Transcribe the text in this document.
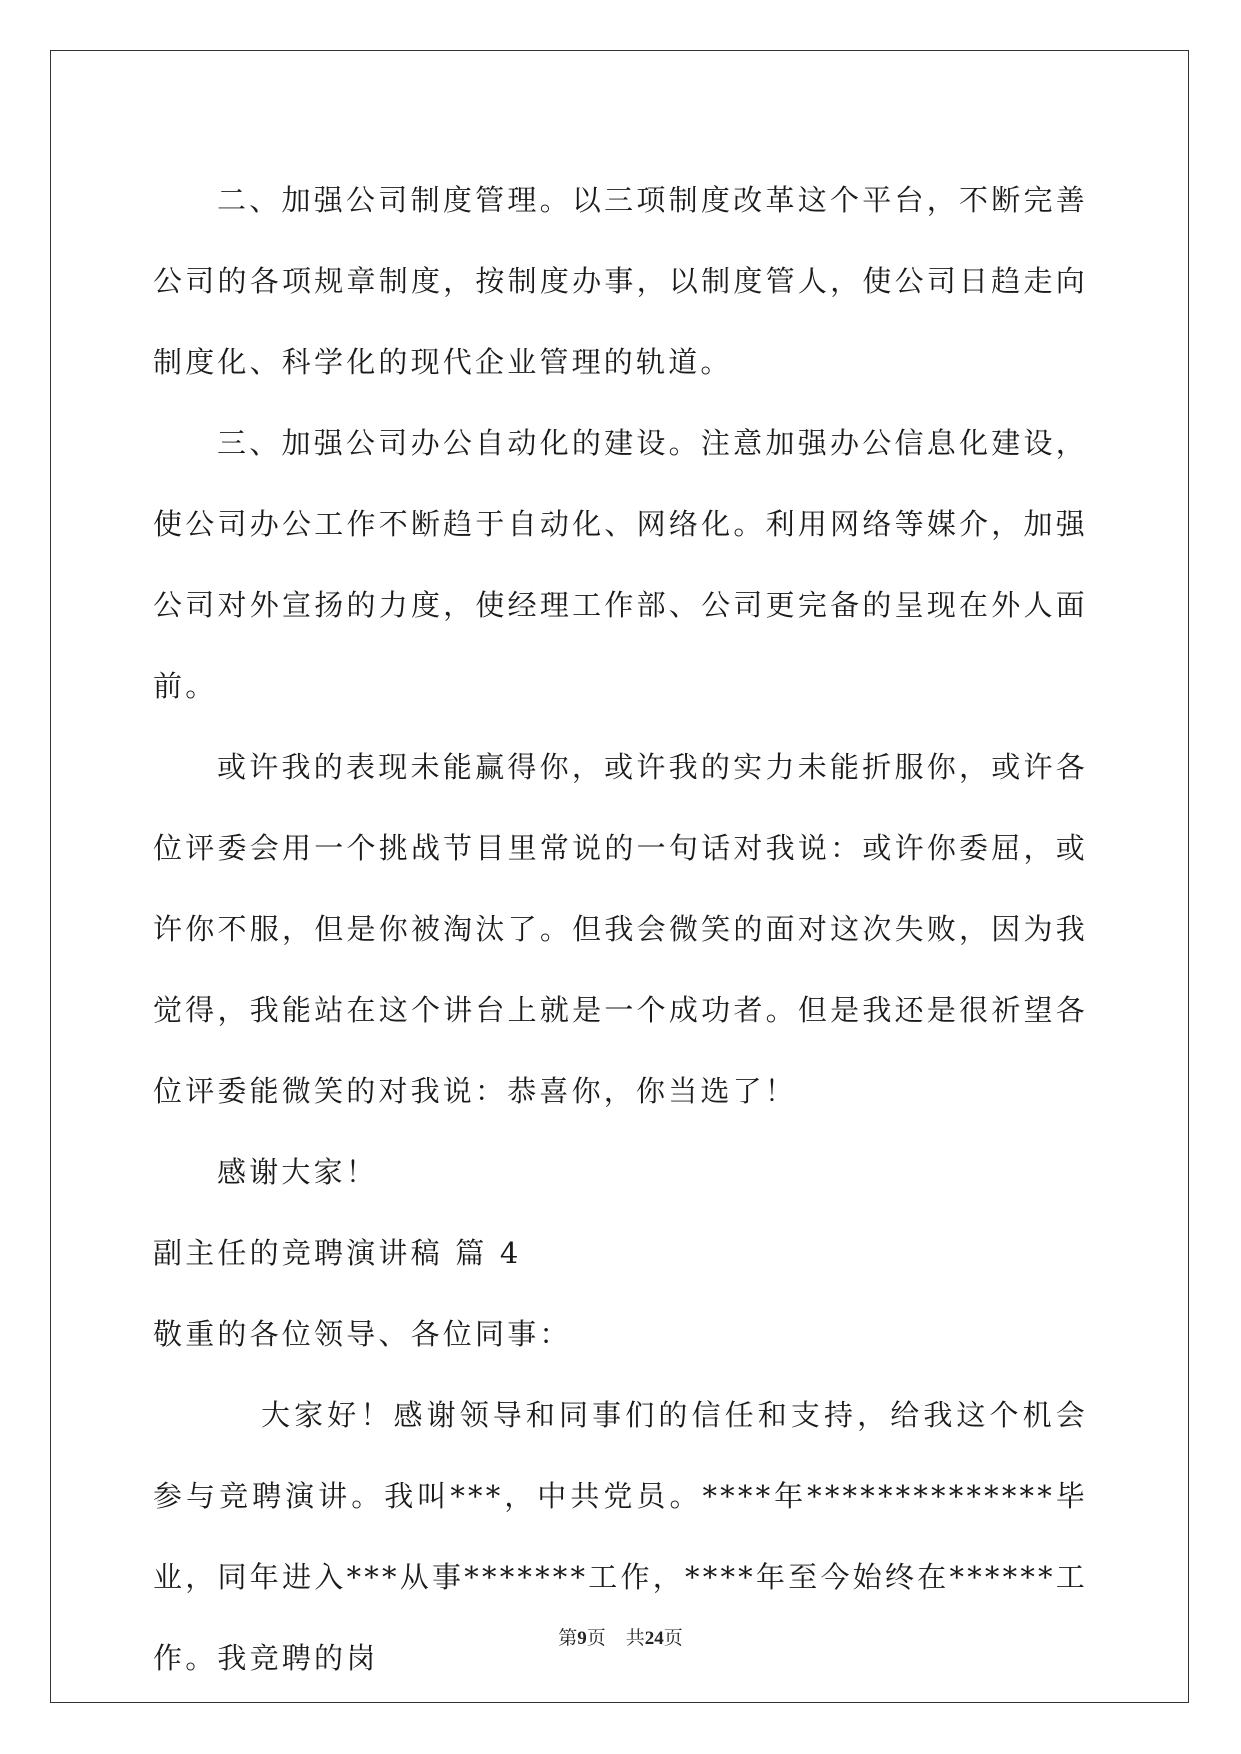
二、加强公司制度管理。以三项制度改革这个平台，不断完善公司的各项规章制度，按制度办事，以制度管人，使公司日趋走向制度化、科学化的现代企业管理的轨道。

三、加强公司办公自动化的建设。注意加强办公信息化建设，使公司办公工作不断趋于自动化、网络化。利用网络等媒介，加强公司对外宣扬的力度，使经理工作部、公司更完备的呈现在外人面前。

或许我的表现未能赢得你，或许我的实力未能折服你，或许各位评委会用一个挑战节目里常说的一句话对我说：或许你委屈，或许你不服，但是你被淘汰了。但我会微笑的面对这次失败，因为我觉得，我能站在这个讲台上就是一个成功者。但是我还是很祈望各位评委能微笑的对我说：恭喜你，你当选了！

感谢大家！

副主任的竞聘演讲稿 篇 4

敬重的各位领导、各位同事：

大家好！感谢领导和同事们的信任和支持，给我这个机会参与竞聘演讲。我叫***，中共党员。****年**************毕业，同年进入***从事*******工作，****年至今始终在******工作。我竞聘的岗

第9页 共24页
